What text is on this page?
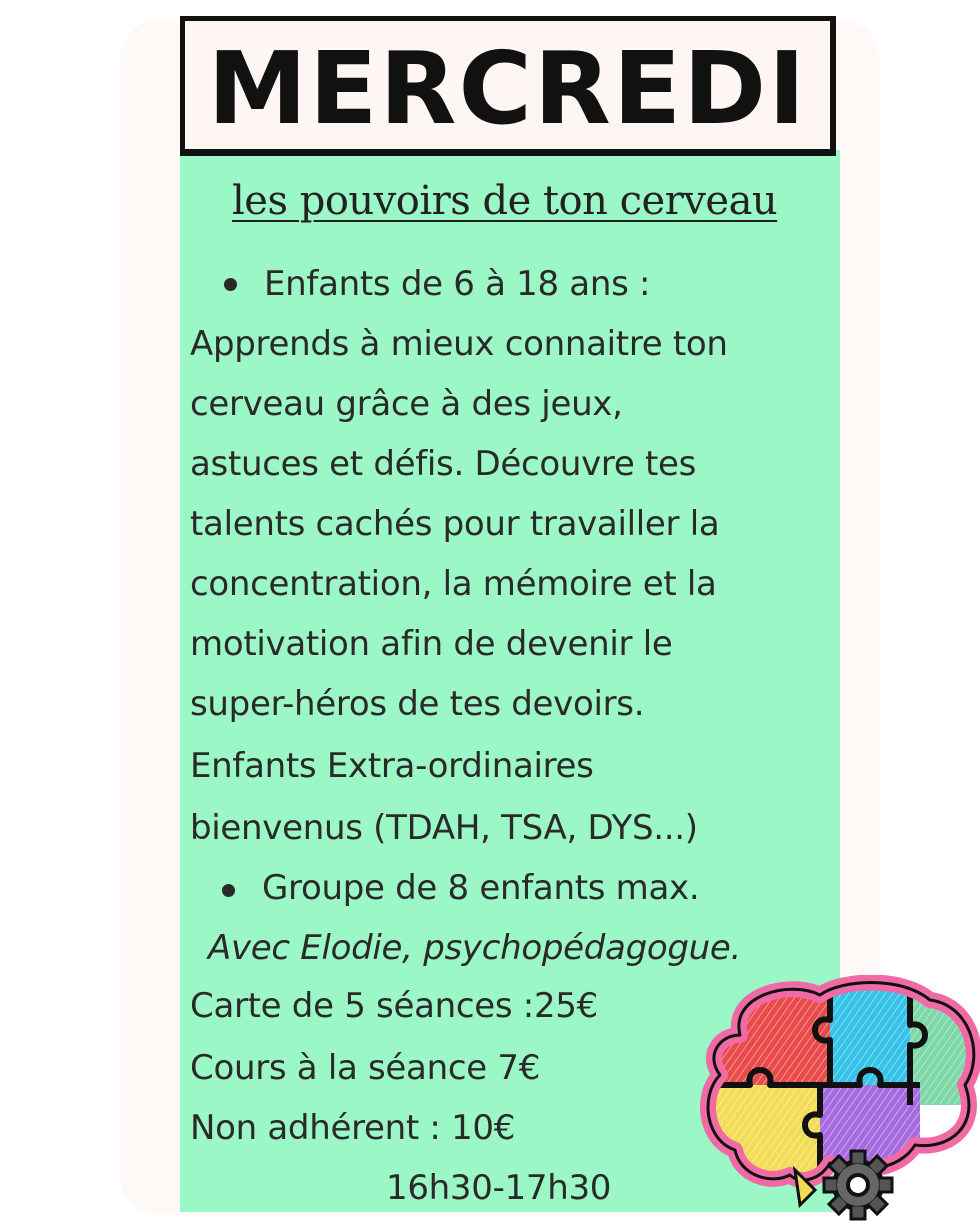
MERCREDI

les pouvoirs de ton cerveau

Enfants de 6 à 18 ans :

Apprends à mieux connaitre ton

cerveau grâce à des jeux,

astuces et défis. Découvre tes

talents cachés pour travailler la

concentration, la mémoire et la

motivation afin de devenir le

super-héros de tes devoirs.

Enfants Extra-ordinaires

bienvenus (TDAH, TSA, DYS...)

Groupe de 8 enfants max.

Avec Elodie, psychopédagogue.

Carte de 5 séances :25€

Cours à la séance 7€

Non adhérent : 10€

16h30-17h30
